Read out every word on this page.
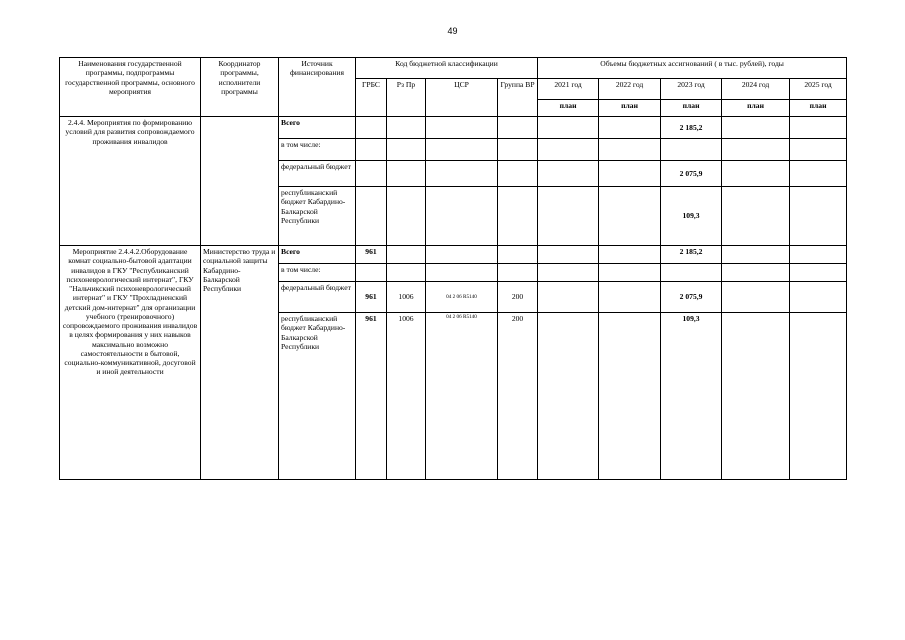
49
Наименования государственной программы, подпрограммы государственной программы, основного мероприятия	Координатор программы, исполнители программы	Источник финансирования	Код бюджетной классификации				Объемы бюджетных ассигнований ( в тыс. рублей), годы				
			ГРБС	Рз Пр	ЦСР	Группа ВР	2021 год	2022 год	2023 год	2024 год	2025 год
							план	план	план	план	план
2.4.4. Мероприятия по формированию условий для развития сопровождаемого проживания инвалидов		Всего							2 185,2		
		в том числе:									
		федеральный бюджет							2 075,9		
		республиканский бюджет Кабардино-Балкарской Республики							109,3		
Мероприятие 2.4.4.2.Оборудование комнат социально-бытовой адаптации инвалидов в ГКУ "Республиканский психоневрологический интернат", ГКУ "Нальчикский психоневрологический интернат" и ГКУ "Прохладненский детский дом-интернат" для организации учебного (тренировочного) сопровождаемого проживания инвалидов в целях формирования у них навыков максимально возможно самостоятельности в бытовой, социально-коммуникативной, досуговой и иной деятельности	Министерство труда и социальной защиты Кабардино-Балкарской Республики	Всего	961						2 185,2		
		в том числе:									
		федеральный бюджет	961	1006	04 2 06 R5140	200			2 075,9		
		республиканский бюджет Кабардино-Балкарской Республики	961	1006	04 2 06 R5140	200			109,3		
